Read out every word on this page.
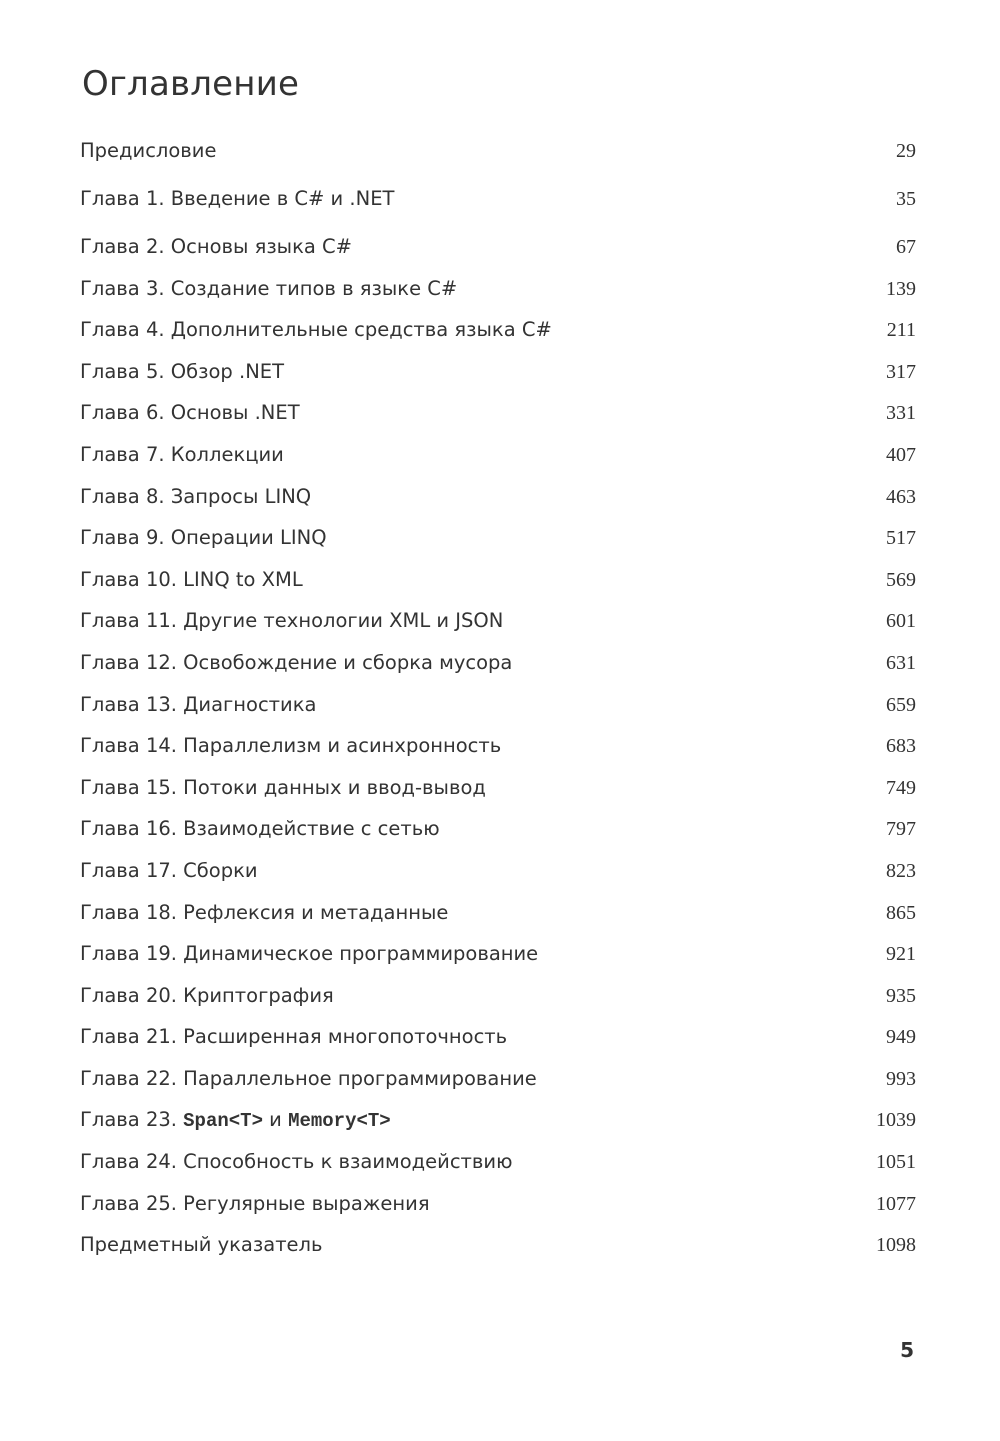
Оглавление
Предисловие	29
Глава 1. Введение в C# и .NET	35
Глава 2. Основы языка C#	67
Глава 3. Создание типов в языке C#	139
Глава 4. Дополнительные средства языка C#	211
Глава 5. Обзор .NET	317
Глава 6. Основы .NET	331
Глава 7. Коллекции	407
Глава 8. Запросы LINQ	463
Глава 9. Операции LINQ	517
Глава 10. LINQ to XML	569
Глава 11. Другие технологии XML и JSON	601
Глава 12. Освобождение и сборка мусора	631
Глава 13. Диагностика	659
Глава 14. Параллелизм и асинхронность	683
Глава 15. Потоки данных и ввод-вывод	749
Глава 16. Взаимодействие с сетью	797
Глава 17. Сборки	823
Глава 18. Рефлексия и метаданные	865
Глава 19. Динамическое программирование	921
Глава 20. Криптография	935
Глава 21. Расширенная многопоточность	949
Глава 22. Параллельное программирование	993
Глава 23. Span<T> и Memory<T>	1039
Глава 24. Способность к взаимодействию	1051
Глава 25. Регулярные выражения	1077
Предметный указатель	1098
5
